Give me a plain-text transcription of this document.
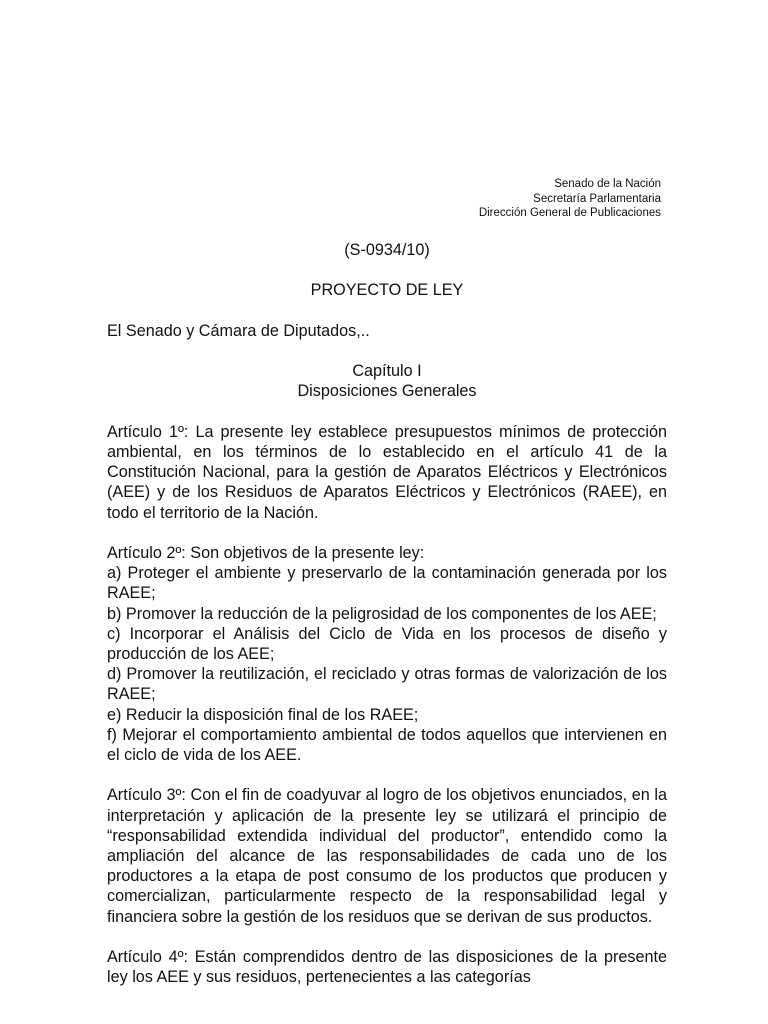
Senado de la Nación
Secretaría Parlamentaria
Dirección General de Publicaciones
(S-0934/10)
PROYECTO DE LEY
El Senado y Cámara de Diputados,..
Capítulo I
Disposiciones Generales

Artículo 1º: La presente ley establece presupuestos mínimos de protección ambiental, en los términos de lo establecido en el artículo 41 de la Constitución Nacional, para la gestión de Aparatos Eléctricos y Electrónicos (AEE) y de los Residuos de Aparatos Eléctricos y Electrónicos (RAEE), en todo el territorio de la Nación.

Artículo 2º: Son objetivos de la presente ley:
a) Proteger el ambiente y preservarlo de la contaminación generada por los RAEE;
b) Promover la reducción de la peligrosidad de los componentes de los AEE;
c) Incorporar el Análisis del Ciclo de Vida en los procesos de diseño y producción de los AEE;
d) Promover la reutilización, el reciclado y otras formas de valorización de los RAEE;
e) Reducir la disposición final de los RAEE;
f) Mejorar el comportamiento ambiental de todos aquellos que intervienen en el ciclo de vida de los AEE.

Artículo 3º: Con el fin de coadyuvar al logro de los objetivos enunciados, en la interpretación y aplicación de la presente ley se utilizará el principio de “responsabilidad extendida individual del productor”, entendido como la ampliación del alcance de las responsabilidades de cada uno de los productores a la etapa de post consumo de los productos que producen y comercializan, particularmente respecto de la responsabilidad legal y financiera sobre la gestión de los residuos que se derivan de sus productos.

Artículo 4º: Están comprendidos dentro de las disposiciones de la presente ley los AEE y sus residuos, pertenecientes a las categorías
